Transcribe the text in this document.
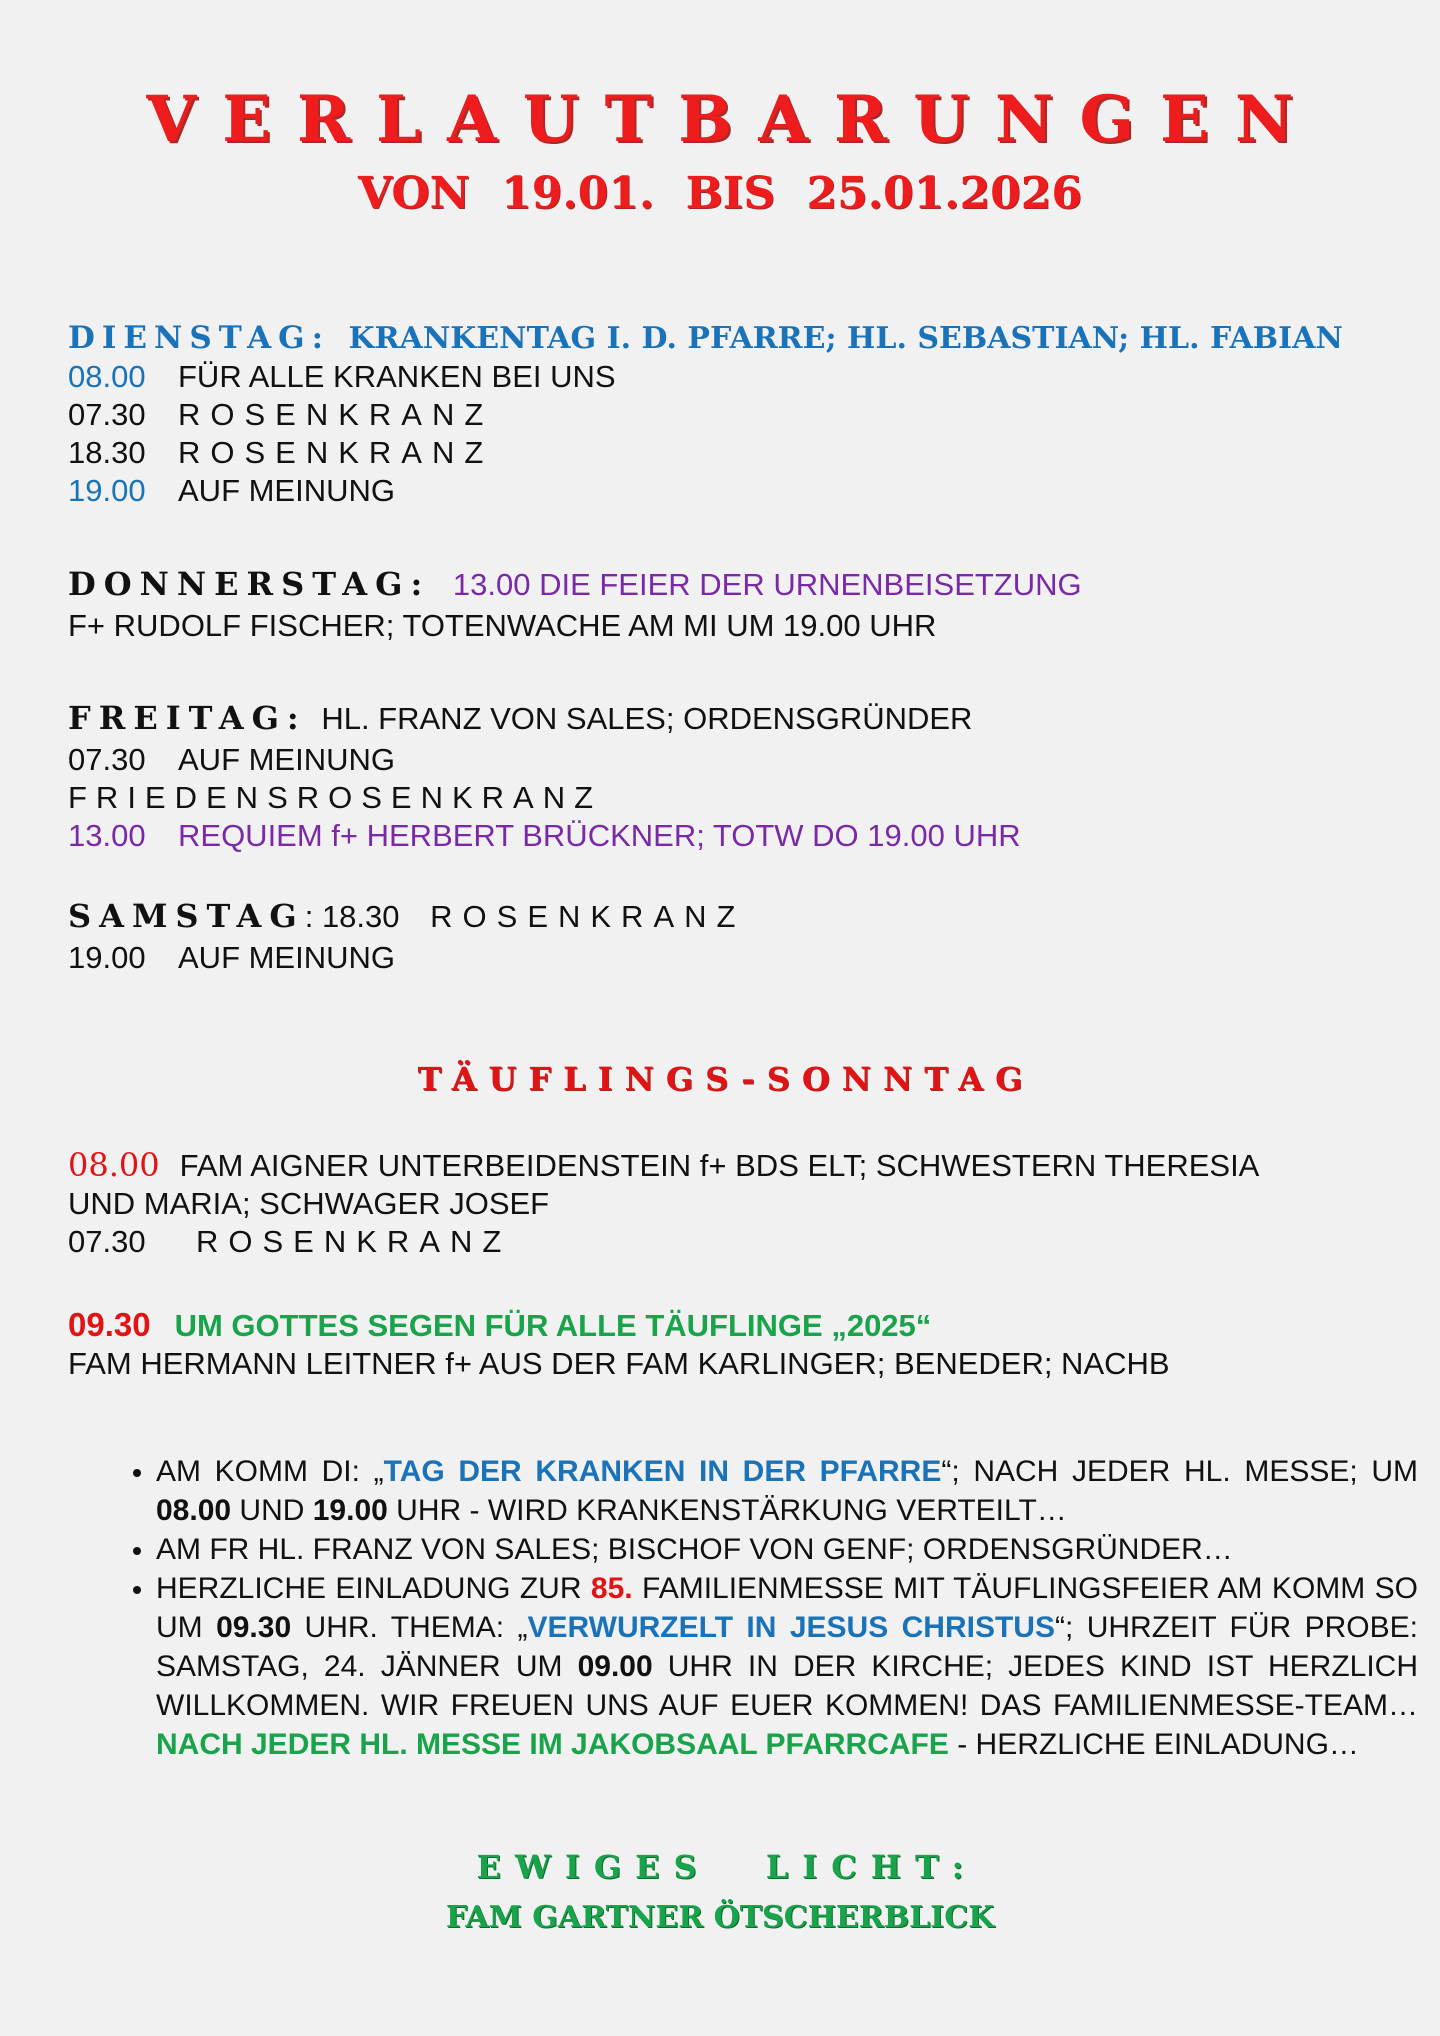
VERLAUTBARUNGEN
VON 19.01. BIS 25.01.2026
DIENSTAG: KRANKENTAG I. D. PFARRE; HL. SEBASTIAN; HL. FABIAN
08.00 FÜR ALLE KRANKEN BEI UNS
07.30 ROSENKRANZ
18.30 ROSENKRANZ
19.00 AUF MEINUNG
DONNERSTAG: 13.00 DIE FEIER DER URNENBEISETZUNG
F+ RUDOLF FISCHER; TOTENWACHE AM MI UM 19.00 UHR
FREITAG: HL. FRANZ VON SALES; ORDENSGRÜNDER
07.30 AUF MEINUNG
FRIEDENSROSENKRANZ
13.00 REQUIEM f+ HERBERT BRÜCKNER; TOTW DO 19.00 UHR
SAMSTAG: 18.30 ROSENKRANZ
19.00 AUF MEINUNG
TÄUFLINGS-SONNTAG
08.00 FAM AIGNER UNTERBEIDENSTEIN f+ BDS ELT; SCHWESTERN THERESIA
UND MARIA; SCHWAGER JOSEF
07.30 ROSENKRANZ
09.30 UM GOTTES SEGEN FÜR ALLE TÄUFLINGE „2025“
FAM HERMANN LEITNER f+ AUS DER FAM KARLINGER; BENEDER; NACHB
• AM KOMM DI: „TAG DER KRANKEN IN DER PFARRE“; NACH JEDER HL. MESSE; UM 08.00 UND 19.00 UHR - WIRD KRANKENSTÄRKUNG VERTEILT…
• AM FR HL. FRANZ VON SALES; BISCHOF VON GENF; ORDENSGRÜNDER…
• HERZLICHE EINLADUNG ZUR 85. FAMILIENMESSE MIT TÄUFLINGSFEIER AM KOMM SO UM 09.30 UHR. THEMA: „VERWURZELT IN JESUS CHRISTUS“; UHRZEIT FÜR PROBE: SAMSTAG, 24. JÄNNER UM 09.00 UHR IN DER KIRCHE; JEDES KIND IST HERZLICH WILLKOMMEN. WIR FREUEN UNS AUF EUER KOMMEN! DAS FAMILIENMESSE-TEAM… NACH JEDER HL. MESSE IM JAKOBSAAL PFARRCAFE - HERZLICHE EINLADUNG…
EWIGES LICHT:
FAM GARTNER ÖTSCHERBLICK
